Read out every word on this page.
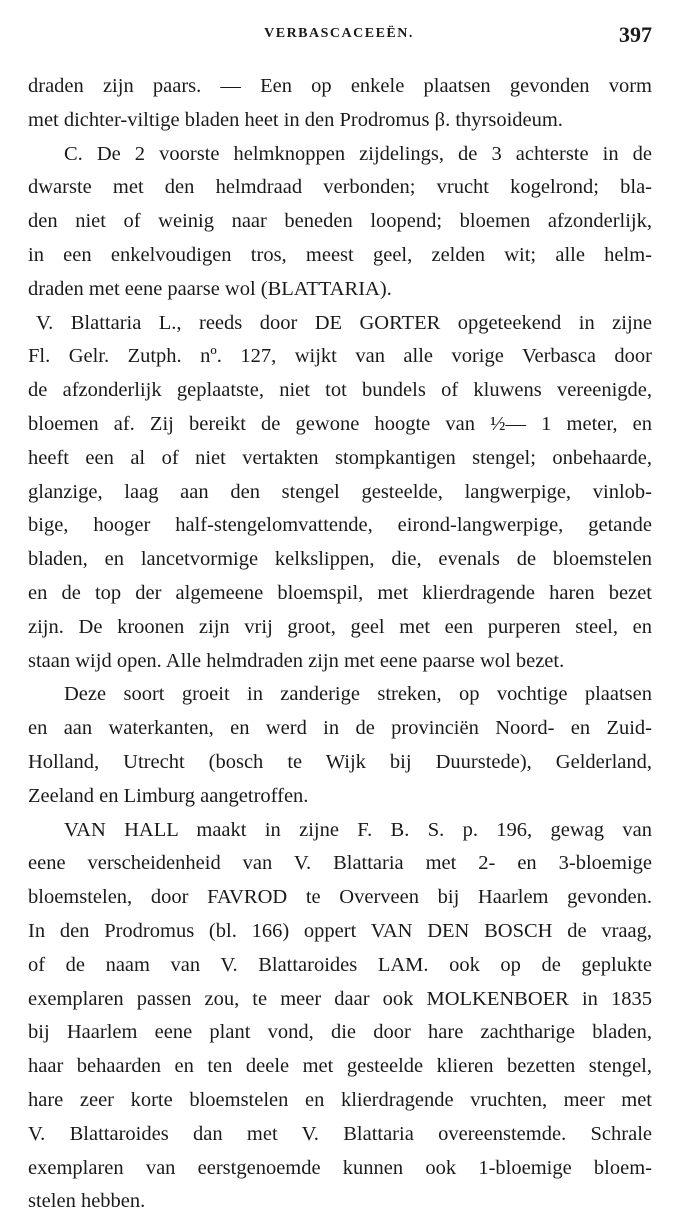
VERBASCACEEËN.	397
draden zijn paars. — Een op enkele plaatsen gevonden vorm
met dichter-viltige bladen heet in den Prodromus β. thyrsoideum.
C. De 2 voorste helmknoppen zijdelings, de 3 achterste in de
dwarste met den helmdraad verbonden; vrucht kogelrond; bla-
den niet of weinig naar beneden loopend; bloemen afzonderlijk,
in een enkelvoudigen tros, meest geel, zelden wit; alle helm-
draden met eene paarse wol (BLATTARIA).
V. Blattaria L., reeds door DE GORTER opgeteekend in zijne
Fl. Gelr. Zutph. nº. 127, wijkt van alle vorige Verbasca door
de afzonderlijk geplaatste, niet tot bundels of kluwens vereenigde,
bloemen af. Zij bereikt de gewone hoogte van ½— 1 meter, en
heeft een al of niet vertakten stompkantigen stengel; onbehaarde,
glanzige, laag aan den stengel gesteelde, langwerpige, vinlob-
bige, hooger half-stengelomvattende, eirond-langwerpige, getande
bladen, en lancetvormige kelkslippen, die, evenals de bloemstelen
en de top der algemeene bloemspil, met klierdragende haren bezet
zijn. De kroonen zijn vrij groot, geel met een purperen steel, en
staan wijd open. Alle helmdraden zijn met eene paarse wol bezet.
Deze soort groeit in zanderige streken, op vochtige plaatsen
en aan waterkanten, en werd in de provinciën Noord- en Zuid-
Holland, Utrecht (bosch te Wijk bij Duurstede), Gelderland,
Zeeland en Limburg aangetroffen.
VAN HALL maakt in zijne F. B. S. p. 196, gewag van
eene verscheidenheid van V. Blattaria met 2- en 3-bloemige
bloemstelen, door FAVROD te Overveen bij Haarlem gevonden.
In den Prodromus (bl. 166) oppert VAN DEN BOSCH de vraag,
of de naam van V. Blattaroides LAM. ook op de geplukte
exemplaren passen zou, te meer daar ook MOLKENBOER in 1835
bij Haarlem eene plant vond, die door hare zachtharige bladen,
haar behaarden en ten deele met gesteelde klieren bezetten stengel,
hare zeer korte bloemstelen en klierdragende vruchten, meer met
V. Blattaroides dan met V. Blattaria overeenstemde. Schrale
exemplaren van eerstgenoemde kunnen ook 1-bloemige bloem-
stelen hebben.
